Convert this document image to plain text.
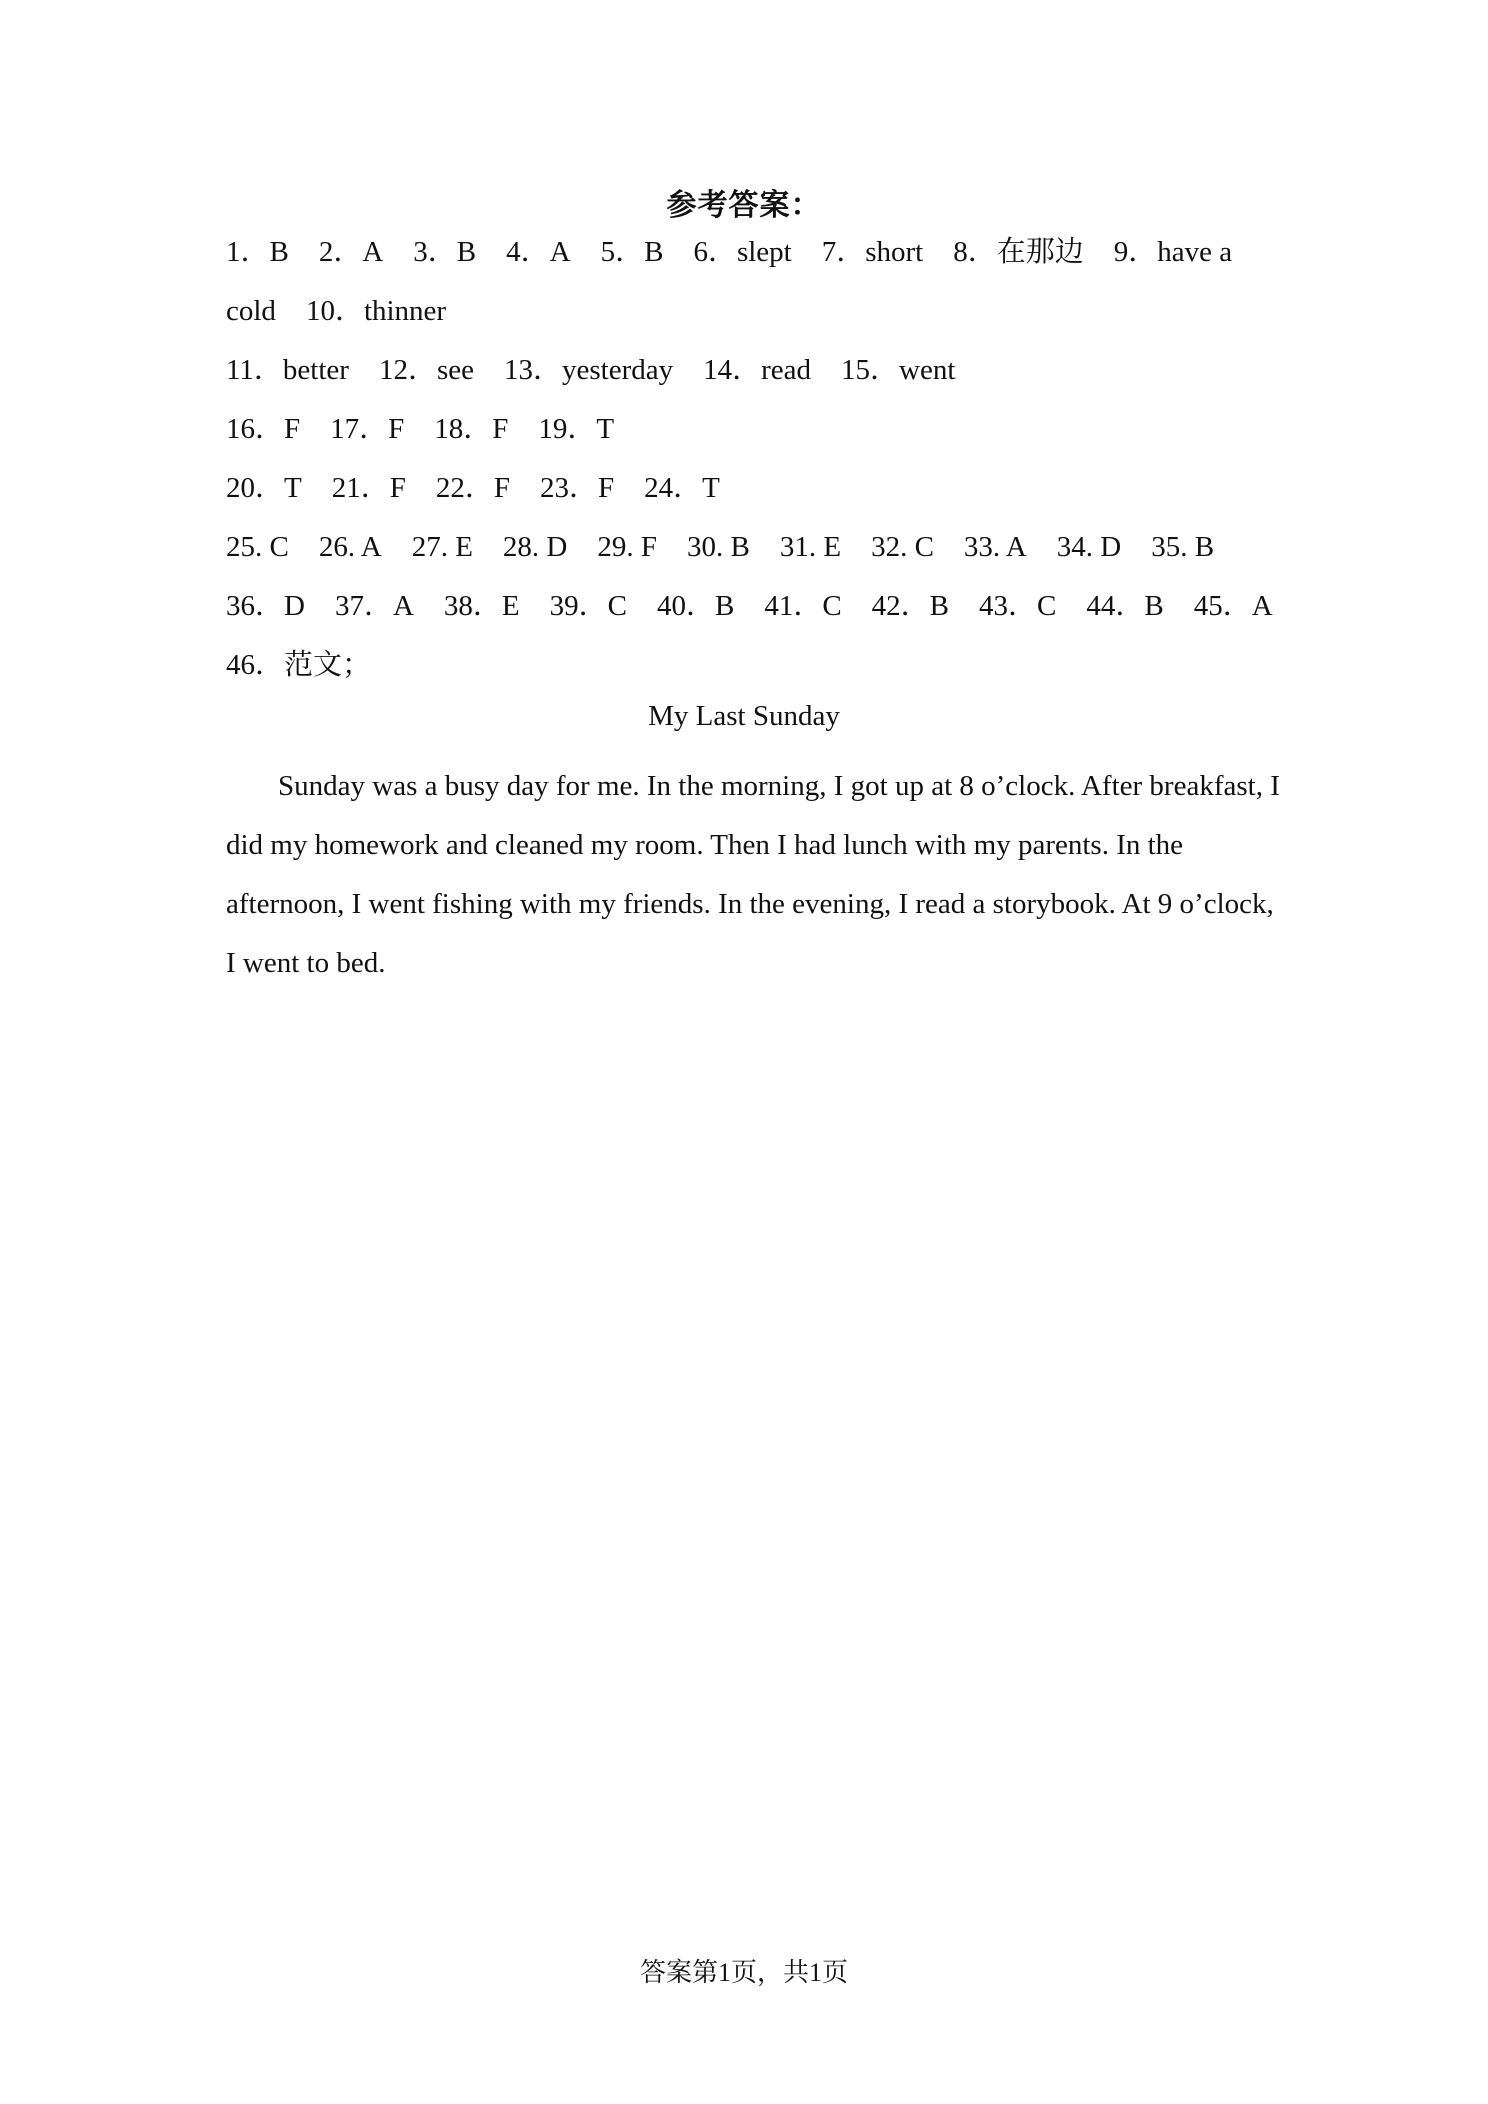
参考答案：
1．B 2．A 3．B 4．A 5．B 6．slept 7．short 8．在那边 9．have a
cold 10．thinner
11．better 12．see 13．yesterday 14．read 15．went
16．F 17．F 18．F 19．T
20．T 21．F 22．F 23．F 24．T
25. C 26. A 27. E 28. D 29. F 30. B 31. E 32. C 33. A 34. D 35. B
36．D 37．A 38．E 39．C 40．B 41．C 42．B 43．C 44．B 45．A
46．范文；
My Last Sunday

Sunday was a busy day for me. In the morning, I got up at 8 o’clock. After breakfast, I did my homework and cleaned my room. Then I had lunch with my parents. In the afternoon, I went fishing with my friends. In the evening, I read a storybook. At 9 o’clock, I went to bed.

答案第1页，共1页
